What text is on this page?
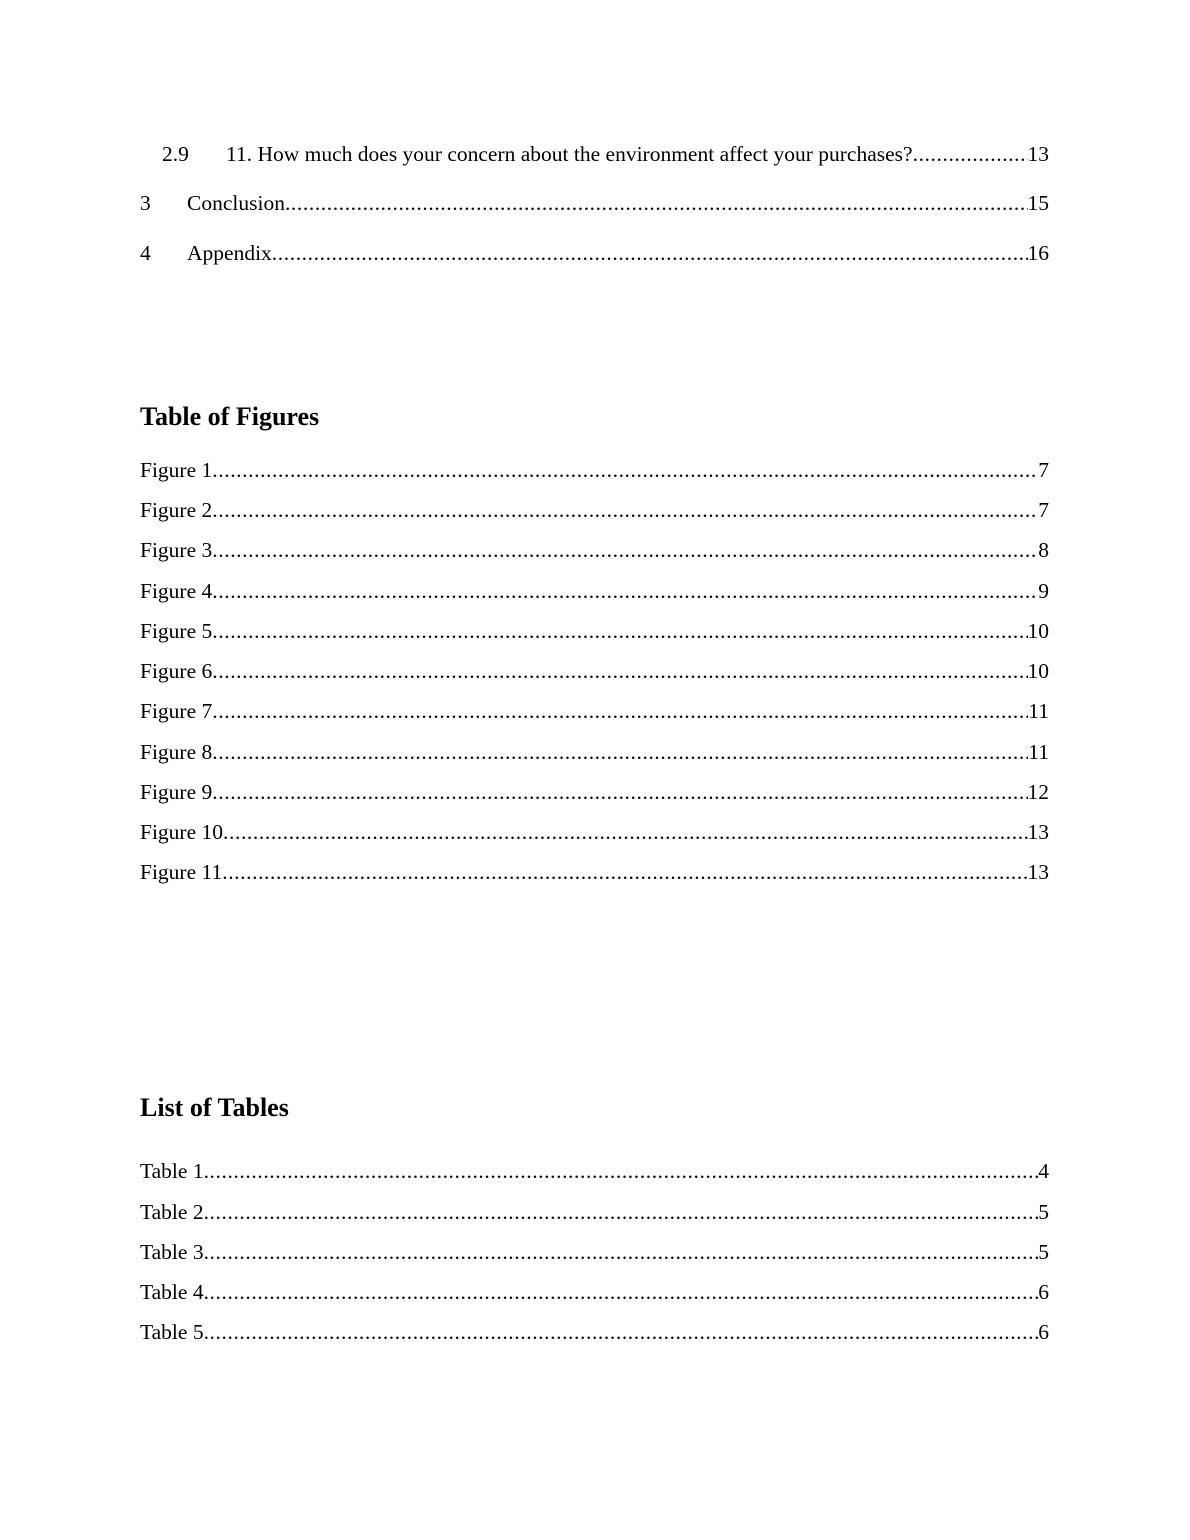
2.9	11. How much does your concern about the environment affect your purchases? .....	13
3	Conclusion .....	15
4	Appendix .....	16
Table of Figures
Figure 1 .....	7
Figure 2 .....	7
Figure 3 .....	8
Figure 4 .....	9
Figure 5 .....	10
Figure 6 .....	10
Figure 7 .....	11
Figure 8 .....	11
Figure 9 .....	12
Figure 10 .....	13
Figure 11 .....	13
List of Tables
Table 1 .....	4
Table 2 .....	5
Table 3 .....	5
Table 4 .....	6
Table 5 .....	6
